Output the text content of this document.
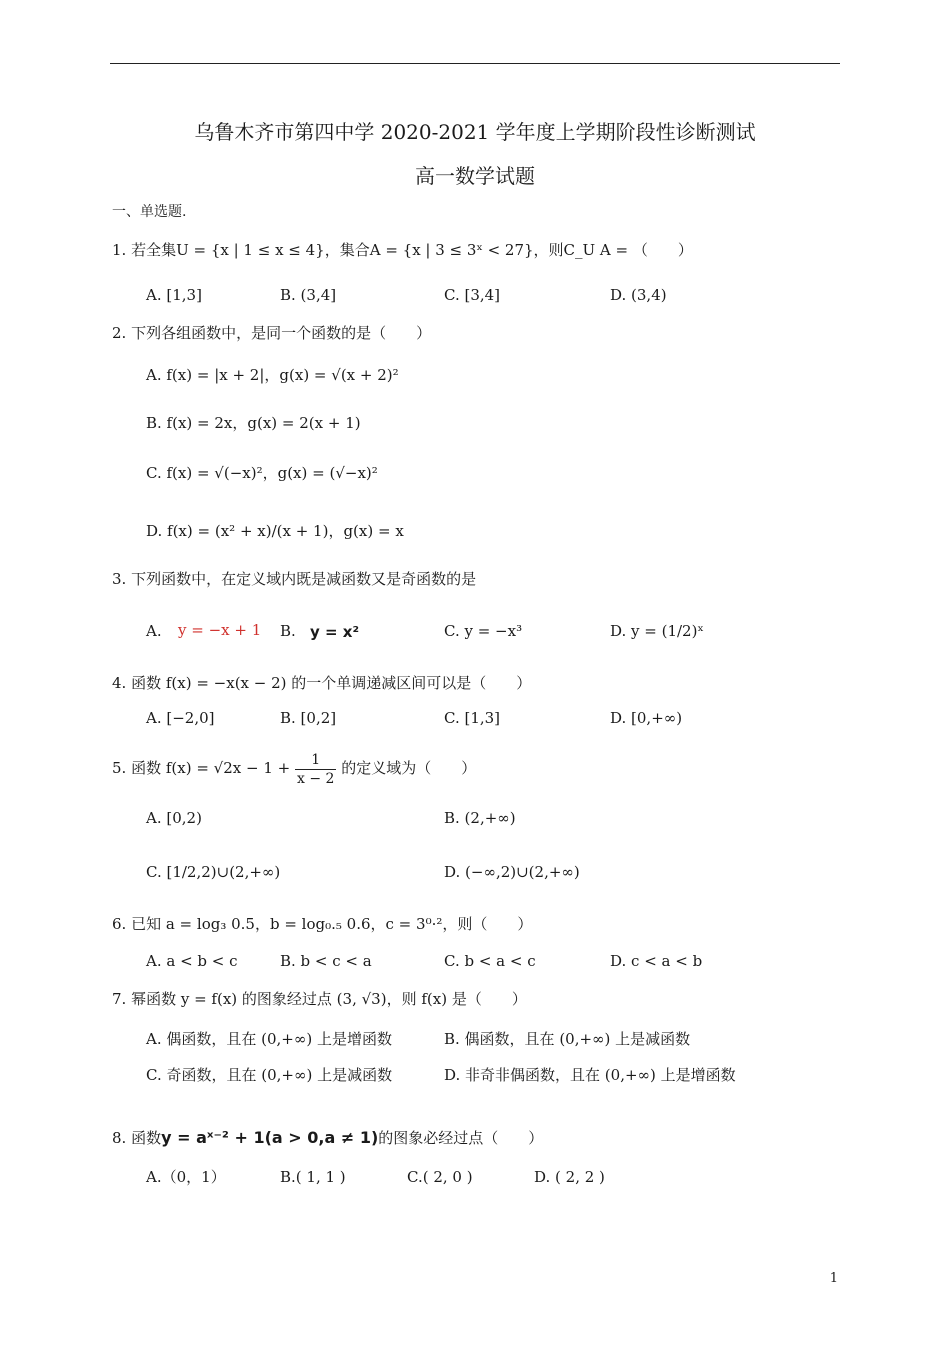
乌鲁木齐市第四中学 2020-2021 学年度上学期阶段性诊断测试
高一数学试题
一、单选题.
1. 若全集U = {x | 1 ≤ x ≤ 4}，集合A = {x | 3 ≤ 3ˣ < 27}，则C_U A = （　　）
A. [1,3]	B. (3,4]	C. [3,4]	D. (3,4)
2. 下列各组函数中，是同一个函数的是（　　）
A. f(x) = |x + 2|，g(x) = √(x + 2)²
B. f(x) = 2x，g(x) = 2(x + 1)
C. f(x) = √(−x)²，g(x) = (√−x)²
D. f(x) = (x² + x)/(x + 1)，g(x) = x
3. 下列函数中，在定义域内既是减函数又是奇函数的是
A. y = −x + 1 B. y = x²	C. y = −x³	D. y = (1/2)ˣ
4. 函数 f(x) = −x(x − 2) 的一个单调递减区间可以是（　　）
A. [−2,0]	B. [0,2]	C. [1,3]	D. [0,+∞)
5. 函数 $f(x) = √2x - 1 + \frac{1}{x - 2}$ 的定义域为（　　）
A. [0,2)	B. (2,+∞)
C. [1/2,2)∪(2,+∞)	D. (−∞,2)∪(2,+∞)
6. 已知 a = log₃ 0.5，b = log₀.₅ 0.6，c = 3⁰·²，则（　　）
A. a < b < c	B. b < c < a	C. b < a < c	D. c < a < b
7. 幂函数 y = f(x) 的图象经过点 (3, √3)，则 f(x) 是（　　）
A. 偶函数，且在 (0,+∞) 上是增函数	B. 偶函数，且在 (0,+∞) 上是减函数
C. 奇函数，且在 (0,+∞) 上是减函数	D. 非奇非偶函数，且在 (0,+∞) 上是增函数
8. 函数y = aˣ⁻² + 1(a > 0,a ≠ 1)的图象必经过点（　　）
A.（0，1）	B.( 1, 1 )	C.( 2, 0 )	D. ( 2, 2 )
1
